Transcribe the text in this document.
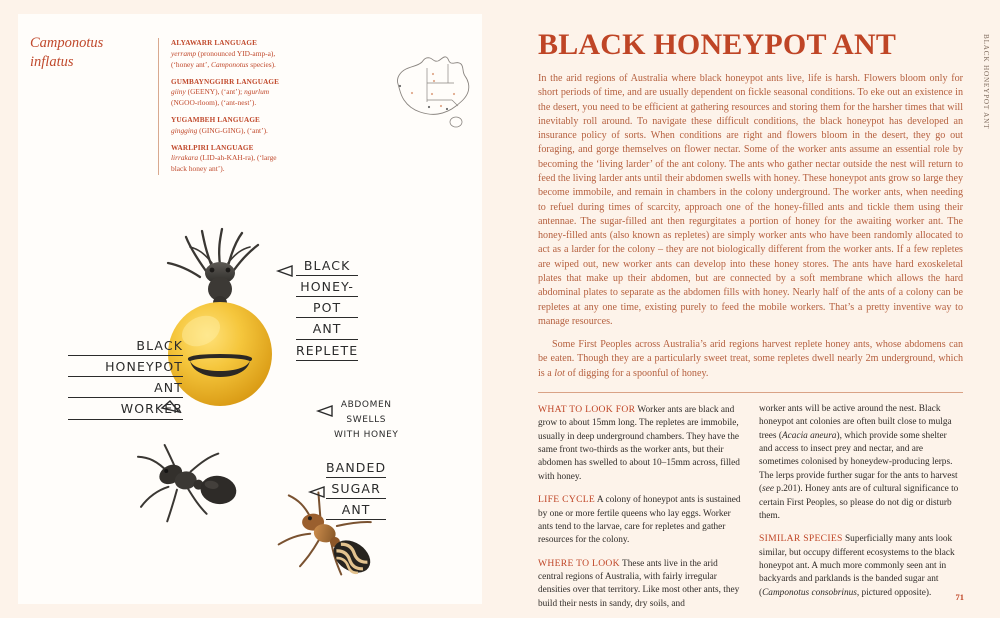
Camponotus inflatus
ALYAWARR LANGUAGE
yerramp (pronounced YID-amp-a), (‘honey ant’, Camponotus species).
GUMBAYNGGIRR LANGUAGE
giiny (GEENY), (‘ant’); ngurlum (NGOO-rloom), (‘ant-nest’).
YUGAMBEH LANGUAGE
gingging (GING-GING), (‘ant’).
WARLPIRI LANGUAGE
lirrakara (LID-ah-KAH-ra), (‘large black honey ant’).
BLACK
HONEY-
POT
ANT
REPLETE
BLACK
HONEYPOT
ANT
WORKER	ABDOMEN
SWELLS
WITH HONEY
BANDED
SUGAR
ANT
BLACK HONEYPOT ANT

In the arid regions of Australia where black honeypot ants live, life is harsh. Flowers bloom only for short periods of time, and are usually dependent on fickle seasonal conditions. To eke out an existence in the desert, you need to be efficient at gathering resources and storing them for the harsher times that will inevitably roll around. To navigate these difficult conditions, the black honeypot has developed an insurance policy of sorts. When conditions are right and flowers bloom in the desert, they go out foraging, and gorge themselves on flower nectar. Some of the worker ants assume an essential role by becoming the ‘living larder’ of the ant colony. The ants who gather nectar outside the nest will return to feed the living larder ants until their abdomen swells with honey. These honeypot ants grow so large they become immobile, and remain in chambers in the colony underground. The worker ants, when needing to refuel during times of scarcity, approach one of the honey-filled ants and tickle them using their antennae. The sugar-filled ant then regurgitates a portion of honey for the awaiting worker ant. The honey-filled ants (also known as repletes) are simply worker ants who have been randomly allocated to act as a larder for the colony – they are not biologically different from the worker ants. If a few repletes are wiped out, new worker ants can develop into these honey stores. The ants have hard exoskeletal plates that make up their abdomen, but are connected by a soft membrane which allows the hard abdominal plates to separate as the abdomen fills with honey. Nearly half of the ants of a colony can be repletes at any one time, existing purely to feed the mobile workers. That’s a pretty inventive way to manage resources.

Some First Peoples across Australia’s arid regions harvest replete honey ants, whose abdomens can be eaten. Though they are a particularly sweet treat, some repletes dwell nearly 2m underground, which is a lot of digging for a spoonful of honey.

WHAT TO LOOK FOR Worker ants are black and grow to about 15mm long. The repletes are immobile, usually in deep underground chambers. They have the same front two-thirds as the worker ants, but their abdomen has swelled to about 10–15mm across, filled with honey.

LIFE CYCLE A colony of honeypot ants is sustained by one or more fertile queens who lay eggs. Worker ants tend to the larvae, care for repletes and gather resources for the colony.

WHERE TO LOOK These ants live in the arid central regions of Australia, with fairly irregular densities over that territory. Like most other ants, they build their nests in sandy, dry soils, and

worker ants will be active around the nest. Black honeypot ant colonies are often built close to mulga trees (Acacia aneura), which provide some shelter and access to insect prey and nectar, and are sometimes colonised by honeydew-producing lerps. The lerps provide further sugar for the ants to harvest (see p.201). Honey ants are of cultural significance to certain First Peoples, so please do not dig or disturb them.

SIMILAR SPECIES Superficially many ants look similar, but occupy different ecosystems to the black honeypot ant. A much more commonly seen ant in backyards and parklands is the banded sugar ant (Camponotus consobrinus, pictured opposite).	71
BLACK HONEYPOT ANT
